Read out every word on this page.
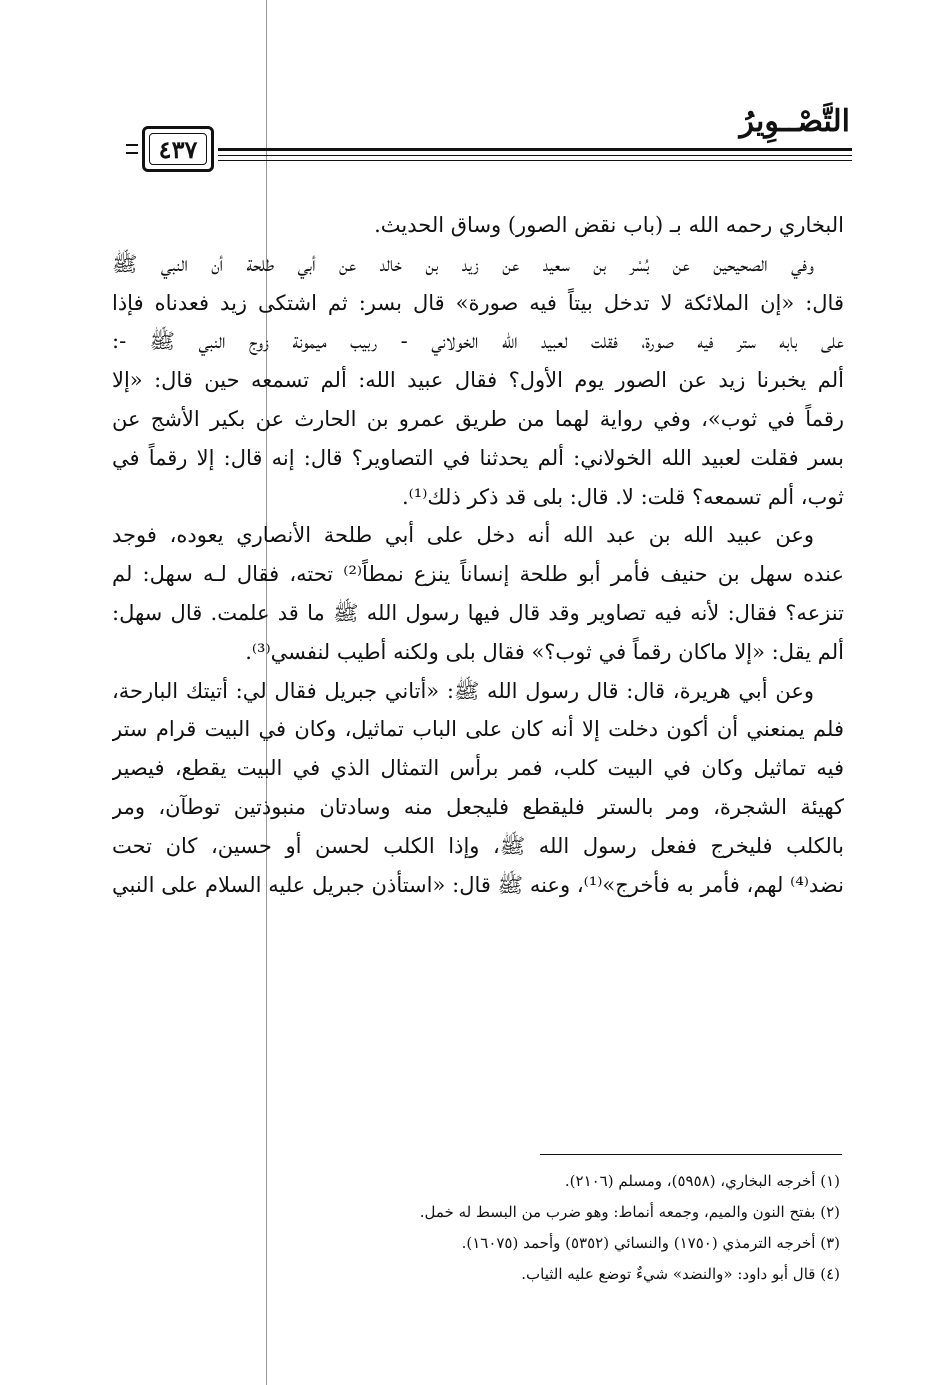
التَّصْــوِيرُ
٤٣٧
البخاري رحمه الله بـ (باب نقض الصور) وساق الحديث.
وفي الصحيحين عن بُسْر بن سعيد عن زيد بن خالد عن أبي طلحة أن النبي ﷺ
قال: «إن الملائكة لا تدخل بيتاً فيه صورة» قال بسر: ثم اشتكى زيد فعدناه فإذا
على بابه ستر فيه صورة، فقلت لعبيد الله الخولاني - ربيب ميمونة زوج النبي ﷺ -:
ألم يخبرنا زيد عن الصور يوم الأول؟ فقال عبيد الله: ألم تسمعه حين قال: «إلا
رقماً في ثوب»، وفي رواية لهما من طريق عمرو بن الحارث عن بكير الأشج عن
بسر فقلت لعبيد الله الخولاني: ألم يحدثنا في التصاوير؟ قال: إنه قال: إلا رقماً في
ثوب، ألم تسمعه؟ قلت: لا. قال: بلى قد ذكر ذلك⁽¹⁾.
وعن عبيد الله بن عبد الله أنه دخل على أبي طلحة الأنصاري يعوده، فوجد
عنده سهل بن حنيف فأمر أبو طلحة إنساناً ينزع نمطاً⁽²⁾ تحته، فقال لـه سهل: لم
تنزعه؟ فقال: لأنه فيه تصاوير وقد قال فيها رسول الله ﷺ ما قد علمت. قال سهل:
ألم يقل: «إلا ماكان رقماً في ثوب؟» فقال بلى ولكنه أطيب لنفسي⁽³⁾.
وعن أبي هريرة، قال: قال رسول الله ﷺ: «أتاني جبريل فقال لي: أتيتك البارحة،
فلم يمنعني أن أكون دخلت إلا أنه كان على الباب تماثيل، وكان في البيت قرام ستر
فيه تماثيل وكان في البيت كلب، فمر برأس التمثال الذي في البيت يقطع، فيصير
كهيئة الشجرة، ومر بالستر فليقطع فليجعل منه وسادتان منبوذتين توطآن، ومر
بالكلب فليخرج ففعل رسول الله ﷺ، وإذا الكلب لحسن أو حسين، كان تحت
نضد⁽⁴⁾ لهم، فأمر به فأخرج»⁽¹⁾، وعنه ﷺ قال: «استأذن جبريل عليه السلام على النبي
(١) أخرجه البخاري، (٥٩٥٨)، ومسلم (٢١٠٦).
(٢) بفتح النون والميم، وجمعه أنماط: وهو ضرب من البسط له خمل.
(٣) أخرجه الترمذي (١٧٥٠) والنسائي (٥٣٥٢) وأحمد (١٦٠٧٥).
(٤) قال أبو داود: «والنضد» شيءٌ توضع عليه الثياب.
